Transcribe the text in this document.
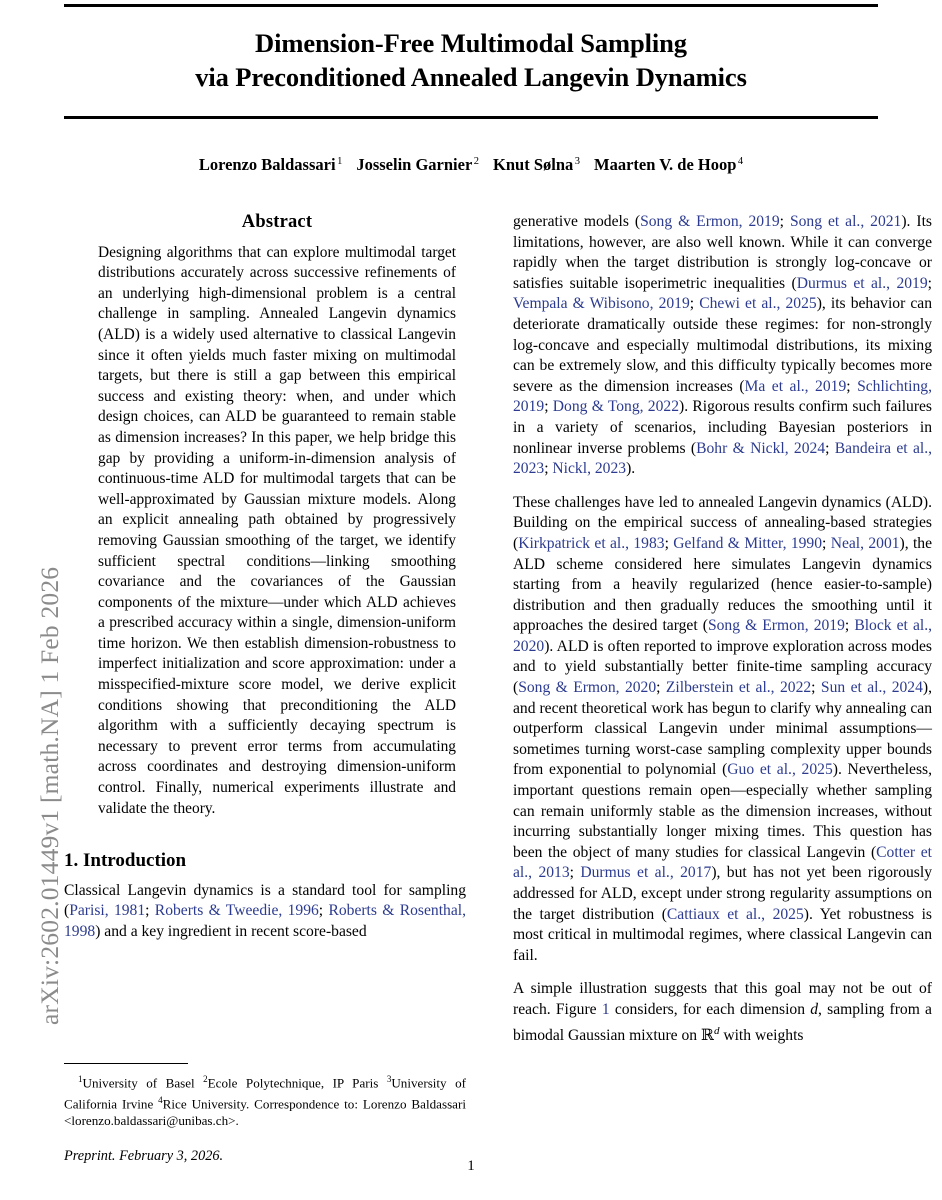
arXiv:2602.01449v1 [math.NA] 1 Feb 2026
Dimension-Free Multimodal Sampling
via Preconditioned Annealed Langevin Dynamics
Lorenzo Baldassari $^1$ Josselin Garnier $^2$ Knut Sølna $^3$ Maarten V. de Hoop $^4$
Abstract

Designing algorithms that can explore multimodal target distributions accurately across successive refinements of an underlying high-dimensional problem is a central challenge in sampling. Annealed Langevin dynamics (ALD) is a widely used alternative to classical Langevin since it often yields much faster mixing on multimodal targets, but there is still a gap between this empirical success and existing theory: when, and under which design choices, can ALD be guaranteed to remain stable as dimension increases? In this paper, we help bridge this gap by providing a uniform-in-dimension analysis of continuous-time ALD for multimodal targets that can be well-approximated by Gaussian mixture models. Along an explicit annealing path obtained by progressively removing Gaussian smoothing of the target, we identify sufficient spectral conditions—linking smoothing covariance and the covariances of the Gaussian components of the mixture—under which ALD achieves a prescribed accuracy within a single, dimension-uniform time horizon. We then establish dimension-robustness to imperfect initialization and score approximation: under a misspecified-mixture score model, we derive explicit conditions showing that preconditioning the ALD algorithm with a sufficiently decaying spectrum is necessary to prevent error terms from accumulating across coordinates and destroying dimension-uniform control. Finally, numerical experiments illustrate and validate the theory.

1. Introduction

Classical Langevin dynamics is a standard tool for sampling (Parisi, 1981; Roberts & Tweedie, 1996; Roberts & Rosenthal, 1998) and a key ingredient in recent score-based

generative models (Song & Ermon, 2019; Song et al., 2021). Its limitations, however, are also well known. While it can converge rapidly when the target distribution is strongly log-concave or satisfies suitable isoperimetric inequalities (Durmus et al., 2019; Vempala & Wibisono, 2019; Chewi et al., 2025), its behavior can deteriorate dramatically outside these regimes: for non-strongly log-concave and especially multimodal distributions, its mixing can be extremely slow, and this difficulty typically becomes more severe as the dimension increases (Ma et al., 2019; Schlichting, 2019; Dong & Tong, 2022). Rigorous results confirm such failures in a variety of scenarios, including Bayesian posteriors in nonlinear inverse problems (Bohr & Nickl, 2024; Bandeira et al., 2023; Nickl, 2023).

These challenges have led to annealed Langevin dynamics (ALD). Building on the empirical success of annealing-based strategies (Kirkpatrick et al., 1983; Gelfand & Mitter, 1990; Neal, 2001), the ALD scheme considered here simulates Langevin dynamics starting from a heavily regularized (hence easier-to-sample) distribution and then gradually reduces the smoothing until it approaches the desired target (Song & Ermon, 2019; Block et al., 2020). ALD is often reported to improve exploration across modes and to yield substantially better finite-time sampling accuracy (Song & Ermon, 2020; Zilberstein et al., 2022; Sun et al., 2024), and recent theoretical work has begun to clarify why annealing can outperform classical Langevin under minimal assumptions—sometimes turning worst-case sampling complexity upper bounds from exponential to polynomial (Guo et al., 2025). Nevertheless, important questions remain open—especially whether sampling can remain uniformly stable as the dimension increases, without incurring substantially longer mixing times. This question has been the object of many studies for classical Langevin (Cotter et al., 2013; Durmus et al., 2017), but has not yet been rigorously addressed for ALD, except under strong regularity assumptions on the target distribution (Cattiaux et al., 2025). Yet robustness is most critical in multimodal regimes, where classical Langevin can fail.

A simple illustration suggests that this goal may not be out of reach. Figure 1 considers, for each dimension d, sampling from a bimodal Gaussian mixture on ℝ$^d$ with weights

$^1$University of Basel $^2$Ecole Polytechnique, IP Paris $^3$University of California Irvine $^4$Rice University. Correspondence to: Lorenzo Baldassari <lorenzo.baldassari@unibas.ch>.

Preprint. February 3, 2026.
1
